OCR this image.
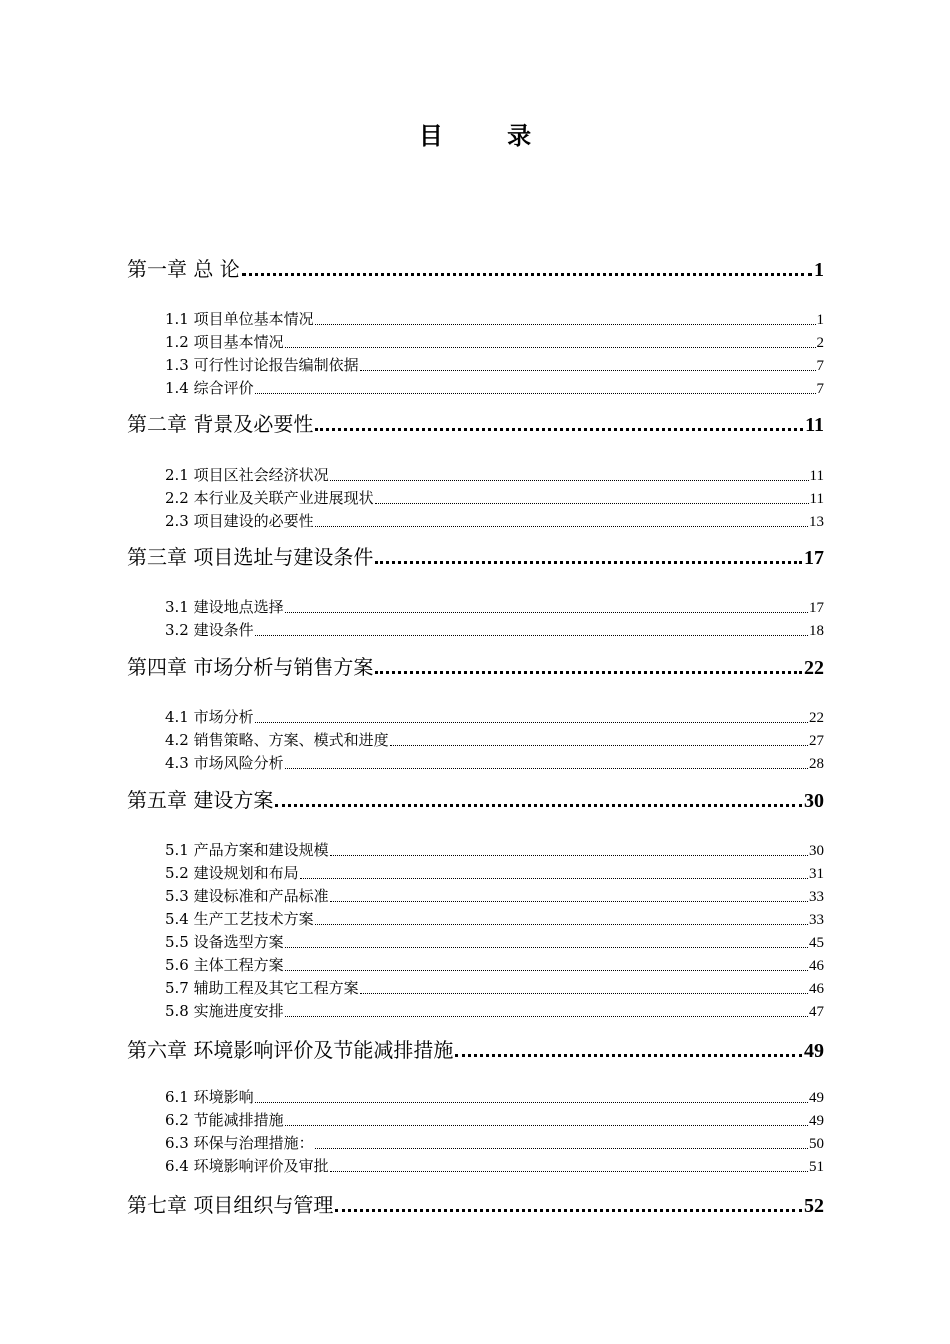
目 录
第一章 总 论	1
1.1 项目单位基本情况	1
1.2 项目基本情况	2
1.3 可行性讨论报告编制依据	7
1.4 综合评价	7
第二章 背景及必要性	11
2.1 项目区社会经济状况	11
2.2 本行业及关联产业进展现状	11
2.3 项目建设的必要性	13
第三章 项目选址与建设条件	17
3.1 建设地点选择	17
3.2 建设条件	18
第四章 市场分析与销售方案	22
4.1 市场分析	22
4.2 销售策略、方案、模式和进度	27
4.3 市场风险分析	28
第五章 建设方案	30
5.1 产品方案和建设规模	30
5.2 建设规划和布局	31
5.3 建设标准和产品标准	33
5.4 生产工艺技术方案	33
5.5 设备选型方案	45
5.6 主体工程方案	46
5.7 辅助工程及其它工程方案	46
5.8 实施进度安排	47
第六章 环境影响评价及节能减排措施	49
6.1 环境影响	49
6.2 节能减排措施	49
6.3 环保与治理措施：	50
6.4 环境影响评价及审批	51
第七章 项目组织与管理	52
